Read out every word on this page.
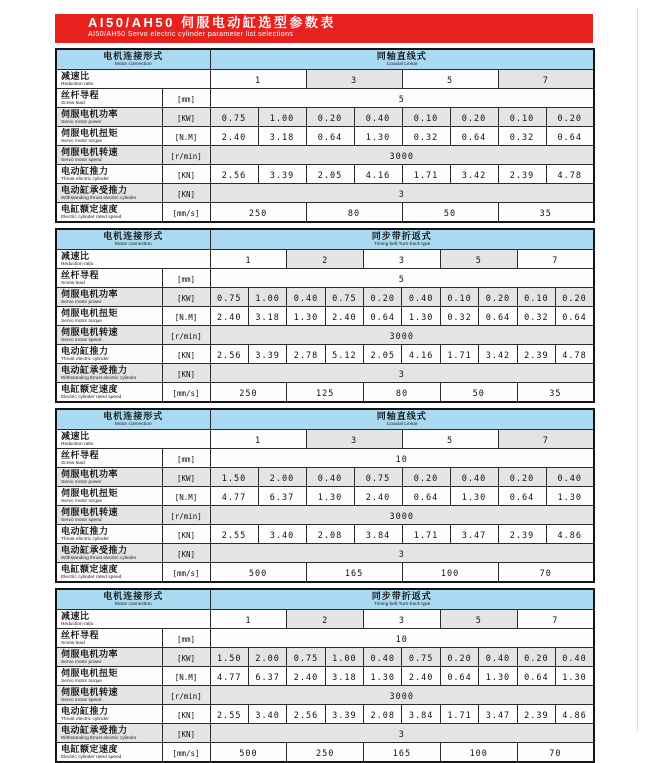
AI50/AH50 伺服电动缸选型参数表
AI50/AH50 Servo electric cylinder parameter list selections
电机连接形式
Motor connection

同轴直线式
Coaxial Linear

减速比
Reduction ratio		1		3		5		7	

丝杆导程
Screw lead	[mm]	5							

伺服电机功率
Servo motor power	[KW]	0.75	1.00	0.20	0.40	0.10	0.20	0.10	0.20

伺服电机扭矩
Servo motor torque	[N.M]	2.40	3.18	0.64	1.30	0.32	0.64	0.32	0.64

伺服电机转速
Servo motor speed	[r/min]	3000							

电动缸推力
Thrust electric cylinder	[KN]	2.56	3.39	2.05	4.16	1.71	3.42	2.39	4.78

电动缸承受推力
Withstanding thrust electric cylinder	[KN]	3							

电缸额定速度
Electric cylinder rated speed	[mm/s]	250		80		50		35	
电机连接形式
Motor connection

同步带折返式
Timing belt Turn-back type

减速比
Reduction ratio		1		2		3		5		7	

丝杆导程
Screw lead	[mm]	5									

伺服电机功率
Servo motor power	[KW]	0.75	1.00	0.40	0.75	0.20	0.40	0.10	0.20	0.10	0.20

伺服电机扭矩
Servo motor torque	[N.M]	2.40	3.18	1.30	2.40	0.64	1.30	0.32	0.64	0.32	0.64

伺服电机转速
Servo motor speed	[r/min]	3000									

电动缸推力
Thrust electric cylinder	[KN]	2.56	3.39	2.78	5.12	2.05	4.16	1.71	3.42	2.39	4.78

电动缸承受推力
Withstanding thrust electric cylinder	[KN]	3									

电缸额定速度
Electric cylinder rated speed	[mm/s]	250		125		80		50		35	
电机连接形式
Motor connection

同轴直线式
Coaxial Linear

减速比
Reduction ratio		1		3		5		7	

丝杆导程
Screw lead	[mm]	10							

伺服电机功率
Servo motor power	[KW]	1.50	2.00	0.40	0.75	0.20	0.40	0.20	0.40

伺服电机扭矩
Servo motor torque	[N.M]	4.77	6.37	1.30	2.40	0.64	1.30	0.64	1.30

伺服电机转速
Servo motor speed	[r/min]	3000							

电动缸推力
Thrust electric cylinder	[KN]	2.55	3.40	2.08	3.84	1.71	3.47	2.39	4.86

电动缸承受推力
Withstanding thrust electric cylinder	[KN]	3							

电缸额定速度
Electric cylinder rated speed	[mm/s]	500		165		100		70	
电机连接形式
Motor connection

同步带折返式
Timing belt Turn-back type

减速比
Reduction ratio		1		2		3		5		7	

丝杆导程
Screw lead	[mm]	10									

伺服电机功率
Servo motor power	[KW]	1.50	2.00	0.75	1.00	0.40	0.75	0.20	0.40	0.20	0.40

伺服电机扭矩
Servo motor torque	[N.M]	4.77	6.37	2.40	3.18	1.30	2.40	0.64	1.30	0.64	1.30

伺服电机转速
Servo motor speed	[r/min]	3000									

电动缸推力
Thrust electric cylinder	[KN]	2.55	3.40	2.56	3.39	2.08	3.84	1.71	3.47	2.39	4.86

电动缸承受推力
Withstanding thrust electric cylinder	[KN]	3									

电缸额定速度
Electric cylinder rated speed	[mm/s]	500		250		165		100		70	
